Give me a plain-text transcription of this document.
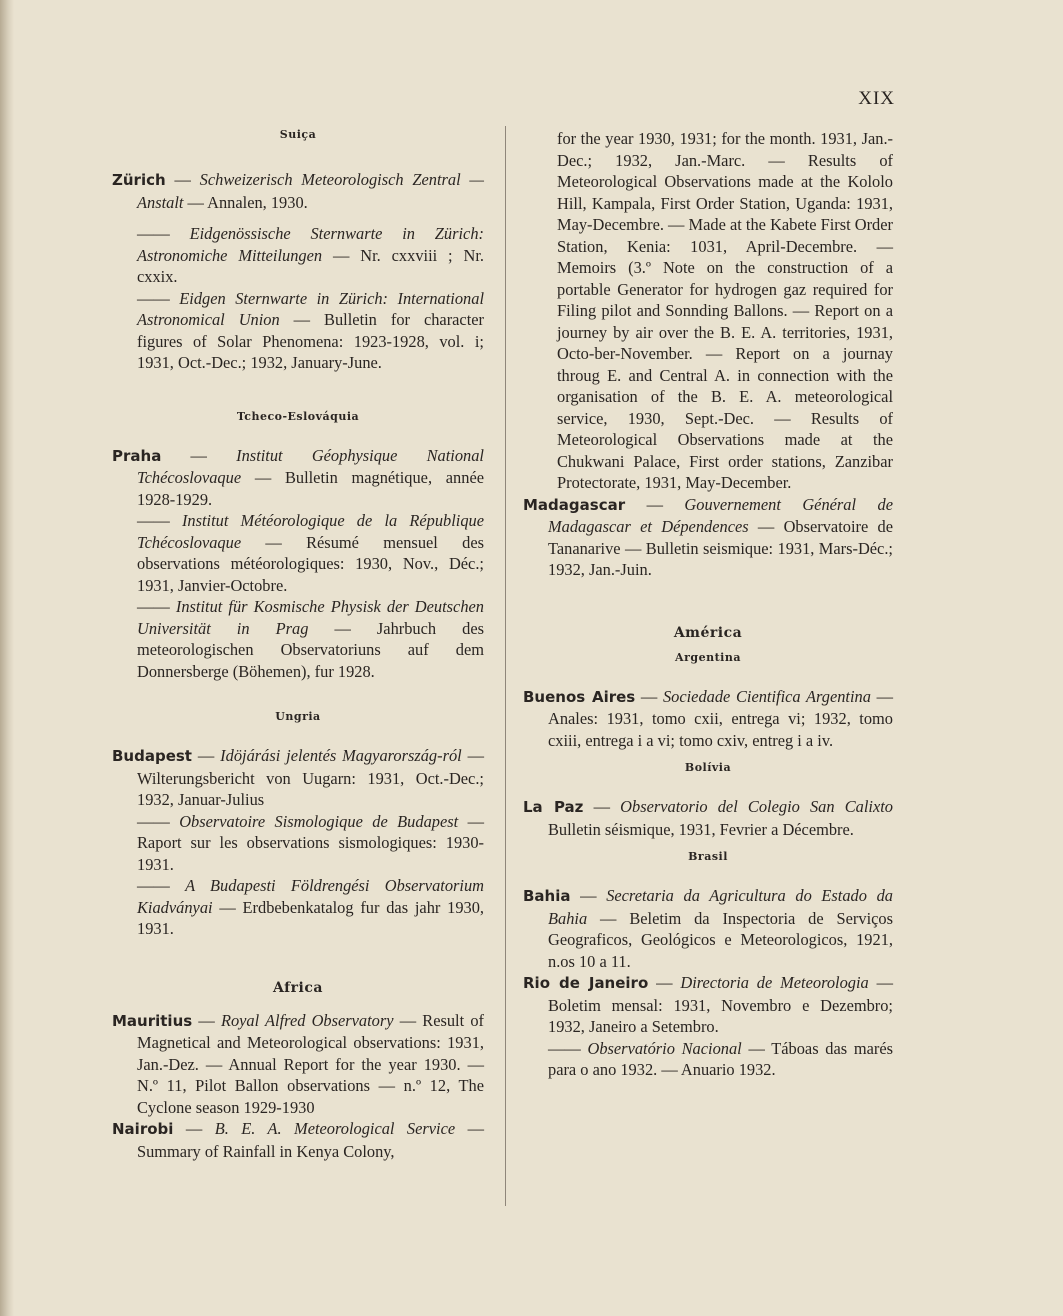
XIX

Suiça

Zürich — Schweizerisch Meteorologisch Zentral — Anstalt — Annalen, 1930.

—— Eidgenössische Sternwarte in Zürich: Astronomiche Mitteilungen — Nr. cxxviii ; Nr. cxxix.

—— Eidgen Sternwarte in Zürich: International Astronomical Union — Bulletin for character figures of Solar Phenomena: 1923-1928, vol. i; 1931, Oct.-Dec.; 1932, January-June.

Tcheco-Eslováquia

Praha — Institut Géophysique National Tchécoslovaque — Bulletin magnétique, année 1928-1929.

—— Institut Météorologique de la République Tchécoslovaque — Résumé mensuel des observations météorologiques: 1930, Nov., Déc.; 1931, Janvier-Octobre.

—— Institut für Kosmische Physisk der Deutschen Universität in Prag — Jahrbuch des meteorologischen Observatoriuns auf dem Donnersberge (Böhemen), fur 1928.

Ungria

Budapest — Idöjárási jelentés Magyarország-ról — Wilterungsbericht von Uugarn: 1931, Oct.-Dec.; 1932, Januar-Julius

—— Observatoire Sismologique de Budapest — Raport sur les observations sismologiques: 1930-1931.

—— A Budapesti Földrengési Observatorium Kiadványai — Erdbebenkatalog fur das jahr 1930, 1931.

Africa

Mauritius — Royal Alfred Observatory — Result of Magnetical and Meteorological observations: 1931, Jan.-Dez. — Annual Report for the year 1930. — N.º 11, Pilot Ballon observations — n.º 12, The Cyclone season 1929-1930

Nairobi — B. E. A. Meteorological Service — Summary of Rainfall in Kenya Colony,

for the year 1930, 1931; for the month. 1931, Jan.-Dec.; 1932, Jan.-Marc. — Results of Meteorological Observations made at the Kololo Hill, Kampala, First Order Station, Uganda: 1931, May-Decembre. — Made at the Kabete First Order Station, Kenia: 1031, April-Decembre. — Memoirs (3.º Note on the construction of a portable Generator for hydrogen gaz required for Filing pilot and Sonnding Ballons. — Report on a journey by air over the B. E. A. territories, 1931, Octo-ber-November. — Report on a journay throug E. and Central A. in connection with the organisation of the B. E. A. meteorological service, 1930, Sept.-Dec. — Results of Meteorological Observations made at the Chukwani Palace, First order stations, Zanzibar Protectorate, 1931, May-December.

Madagascar — Gouvernement Général de Madagascar et Dépendences — Observatoire de Tananarive — Bulletin seismique: 1931, Mars-Déc.; 1932, Jan.-Juin.

América

Argentina

Buenos Aires — Sociedade Cientifica Argentina — Anales: 1931, tomo cxii, entrega vi; 1932, tomo cxiii, entrega i a vi; tomo cxiv, entreg i a iv.

Bolívia

La Paz — Observatorio del Colegio San Calixto Bulletin séismique, 1931, Fevrier a Décembre.

Brasil

Bahia — Secretaria da Agricultura do Estado da Bahia — Beletim da Inspectoria de Serviços Geograficos, Geológicos e Meteorologicos, 1921, n.os 10 a 11.

Rio de Janeiro — Directoria de Meteorologia — Boletim mensal: 1931, Novembro e Dezembro; 1932, Janeiro a Setembro.

—— Observatório Nacional — Táboas das marés para o ano 1932. — Anuario 1932.
